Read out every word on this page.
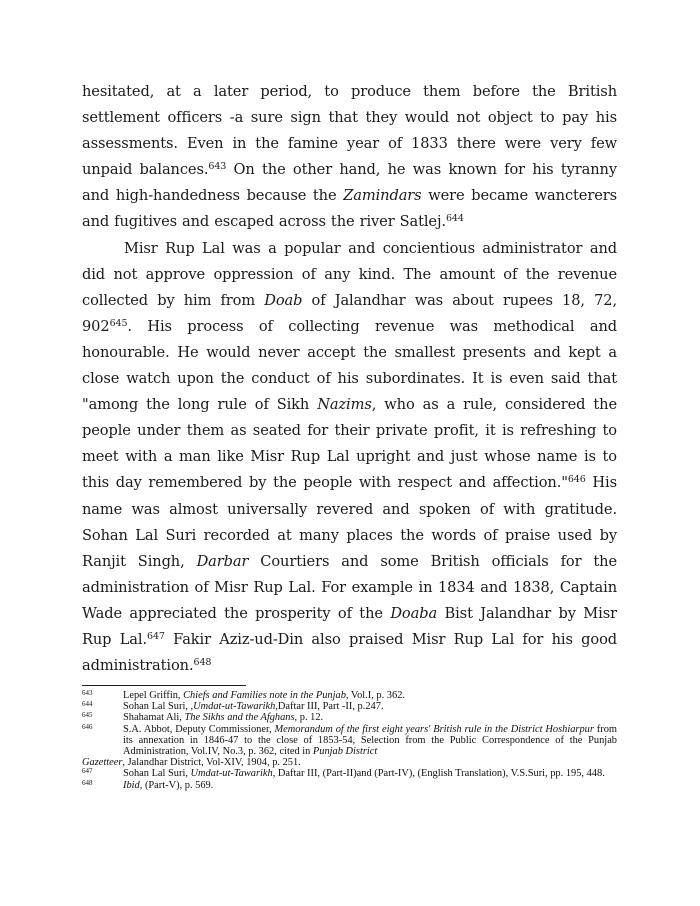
hesitated, at a later period, to produce them before the British settlement officers -a sure sign that they would not object to pay his assessments. Even in the famine year of 1833 there were very few unpaid balances.$^{643}$ On the other hand, he was known for his tyranny and high-handedness because the Zamindars were became wancterers and fugitives and escaped across the river Satlej.$^{644}$

Misr Rup Lal was a popular and concientious administrator and did not approve oppression of any kind. The amount of the revenue collected by him from Doab of Jalandhar was about rupees 18, 72, 902$^{645}$. His process of collecting revenue was methodical and honourable. He would never accept the smallest presents and kept a close watch upon the conduct of his subordinates. It is even said that "among the long rule of Sikh Nazims, who as a rule, considered the people under them as seated for their private profit, it is refreshing to meet with a man like Misr Rup Lal upright and just whose name is to this day remembered by the people with respect and affection."$^{646}$ His name was almost universally revered and spoken of with gratitude. Sohan Lal Suri recorded at many places the words of praise used by Ranjit Singh, Darbar Courtiers and some British officials for the administration of Misr Rup Lal. For example in 1834 and 1838, Captain Wade appreciated the prosperity of the Doaba Bist Jalandhar by Misr Rup Lal.$^{647}$ Fakir Aziz-ud-Din also praised Misr Rup Lal for his good administration.$^{648}$

643	Lepel Griffin, Chiefs and Families note in the Punjab, Vol.I, p. 362.

644	Sohan Lal Suri, ,Umdat-ut-Tawarikh,Daftar III, Part -II, p.247.

645	Shahamat Ali, The Sikhs and the Afghans, p. 12.

646	S.A. Abbot, Deputy Commissioner, Memorandum of the first eight years' British rule in the District Hoshiarpur from its annexation in 1846-47 to the close of 1853-54, Selection from the Public Correspondence of the Punjab Administration, Vol.IV, No.3, p. 362, cited in Punjab District

Gazetteer, Jalandhar District, Vol-XIV, 1904, p. 251.

647	Sohan Lal Suri, Umdat-ut-Tawarikh, Daftar III, (Part-II)and (Part-IV), (English Translation), V.S.Suri, pp. 195, 448.

648	Ibid, (Part-V), p. 569.
